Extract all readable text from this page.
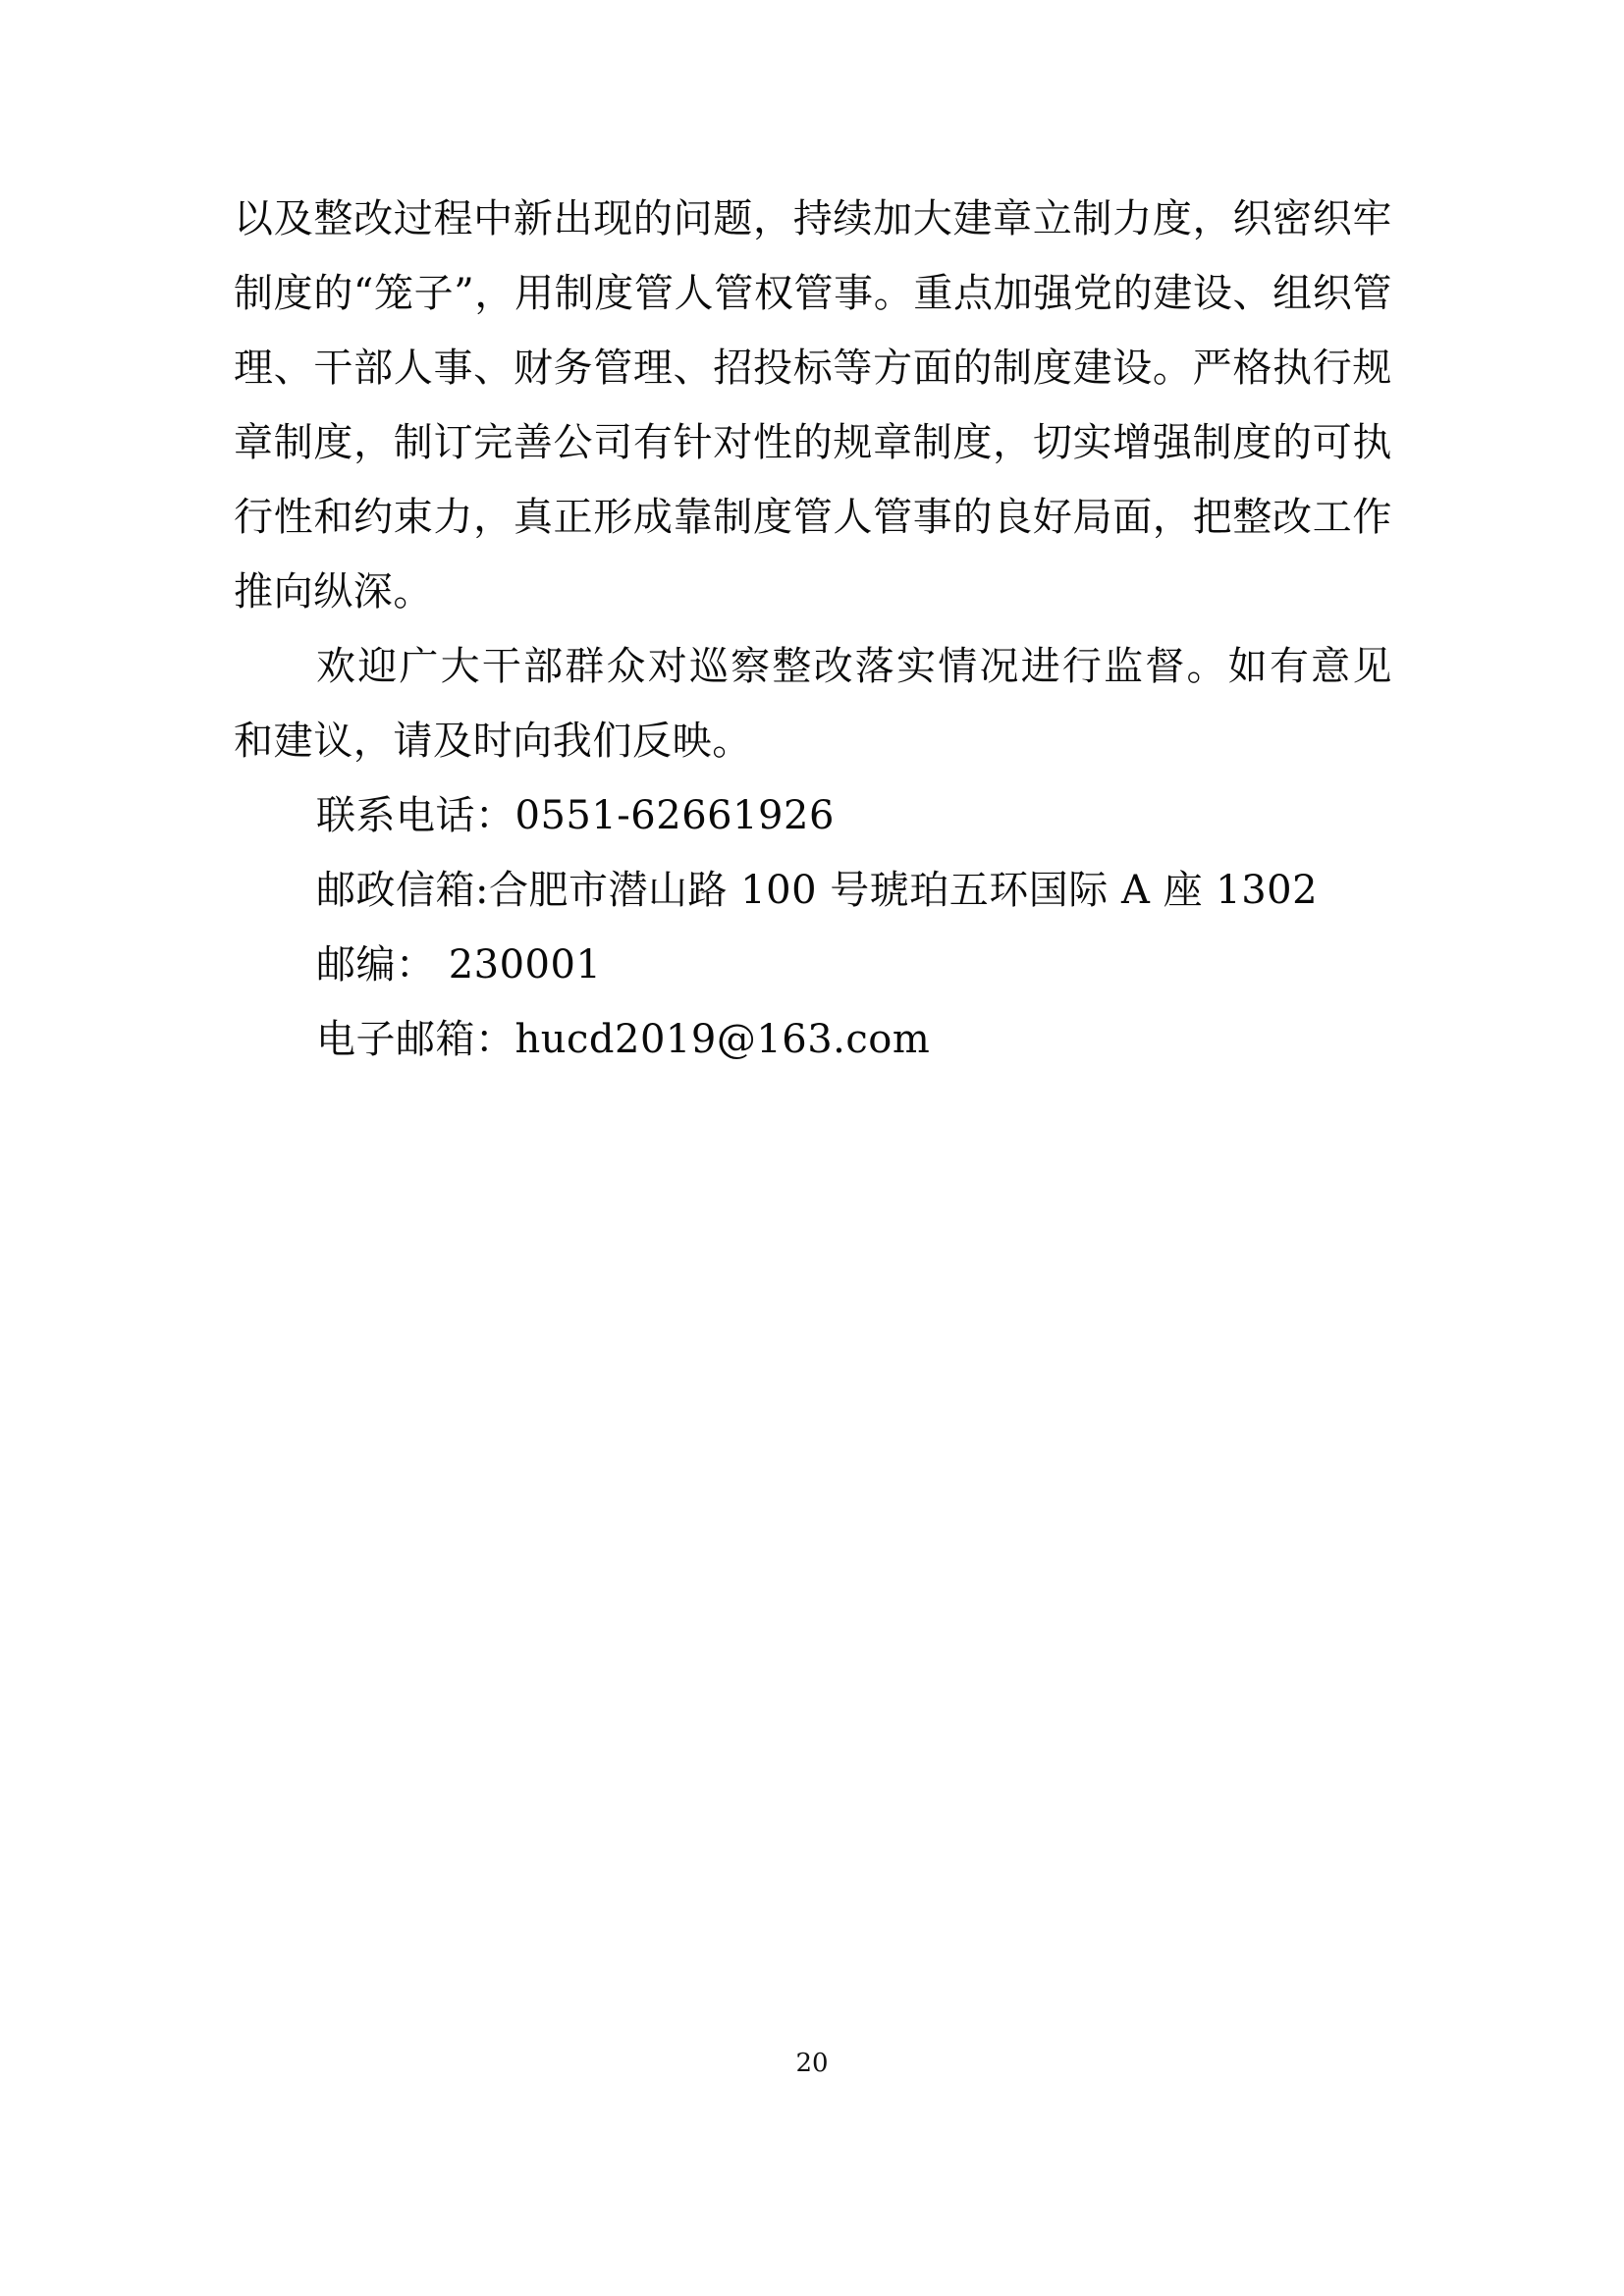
以及整改过程中新出现的问题，持续加大建章立制力度，织密织牢制度的“笼子”，用制度管人管权管事。重点加强党的建设、组织管理、干部人事、财务管理、招投标等方面的制度建设。严格执行规章制度，制订完善公司有针对性的规章制度，切实增强制度的可执行性和约束力，真正形成靠制度管人管事的良好局面，把整改工作推向纵深。

欢迎广大干部群众对巡察整改落实情况进行监督。如有意见和建议，请及时向我们反映。

联系电话：0551-62661926
邮政信箱:合肥市潜山路 100 号琥珀五环国际 A 座 1302
邮编： 230001
电子邮箱：hucd2019@163.com
20
